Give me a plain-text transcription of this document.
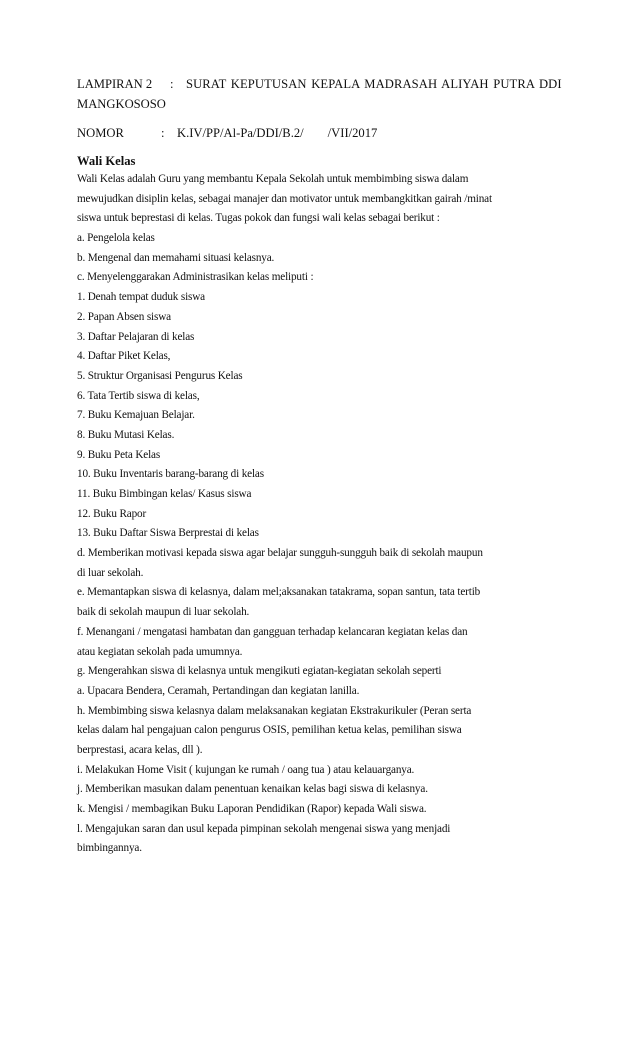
LAMPIRAN 2 : SURAT KEPUTUSAN KEPALA MADRASAH ALIYAH PUTRA DDI
MANGKOSOSO
NOMOR	: K.IV/PP/Al-Pa/DDI/B.2/ /VII/2017
Wali Kelas
Wali Kelas adalah Guru yang membantu Kepala Sekolah untuk membimbing siswa dalam
mewujudkan disiplin kelas, sebagai manajer dan motivator untuk membangkitkan gairah /minat
siswa untuk beprestasi di kelas. Tugas pokok dan fungsi wali kelas sebagai berikut :
a. Pengelola kelas
b. Mengenal dan memahami situasi kelasnya.
c. Menyelenggarakan Administrasikan kelas meliputi :
1. Denah tempat duduk siswa
2. Papan Absen siswa
3. Daftar Pelajaran di kelas
4. Daftar Piket Kelas,
5. Struktur Organisasi Pengurus Kelas
6. Tata Tertib siswa di kelas,
7. Buku Kemajuan Belajar.
8. Buku Mutasi Kelas.
9. Buku Peta Kelas
10. Buku Inventaris barang-barang di kelas
11. Buku Bimbingan kelas/ Kasus siswa
12. Buku Rapor
13. Buku Daftar Siswa Berprestai di kelas
d. Memberikan motivasi kepada siswa agar belajar sungguh-sungguh baik di sekolah maupun
di luar sekolah.
e. Memantapkan siswa di kelasnya, dalam mel;aksanakan tatakrama, sopan santun, tata tertib
baik di sekolah maupun di luar sekolah.
f. Menangani / mengatasi hambatan dan gangguan terhadap kelancaran kegiatan kelas dan
atau kegiatan sekolah pada umumnya.
g. Mengerahkan siswa di kelasnya untuk mengikuti egiatan-kegiatan sekolah seperti
a. Upacara Bendera, Ceramah, Pertandingan dan kegiatan lanilla.
h. Membimbing siswa kelasnya dalam melaksanakan kegiatan Ekstrakurikuler (Peran serta
kelas dalam hal pengajuan calon pengurus OSIS, pemilihan ketua kelas, pemilihan siswa
berprestasi, acara kelas, dll ).
i. Melakukan Home Visit ( kujungan ke rumah / oang tua ) atau kelauarganya.
j. Memberikan masukan dalam penentuan kenaikan kelas bagi siswa di kelasnya.
k. Mengisi / membagikan Buku Laporan Pendidikan (Rapor) kepada Wali siswa.
l. Mengajukan saran dan usul kepada pimpinan sekolah mengenai siswa yang menjadi
bimbingannya.
